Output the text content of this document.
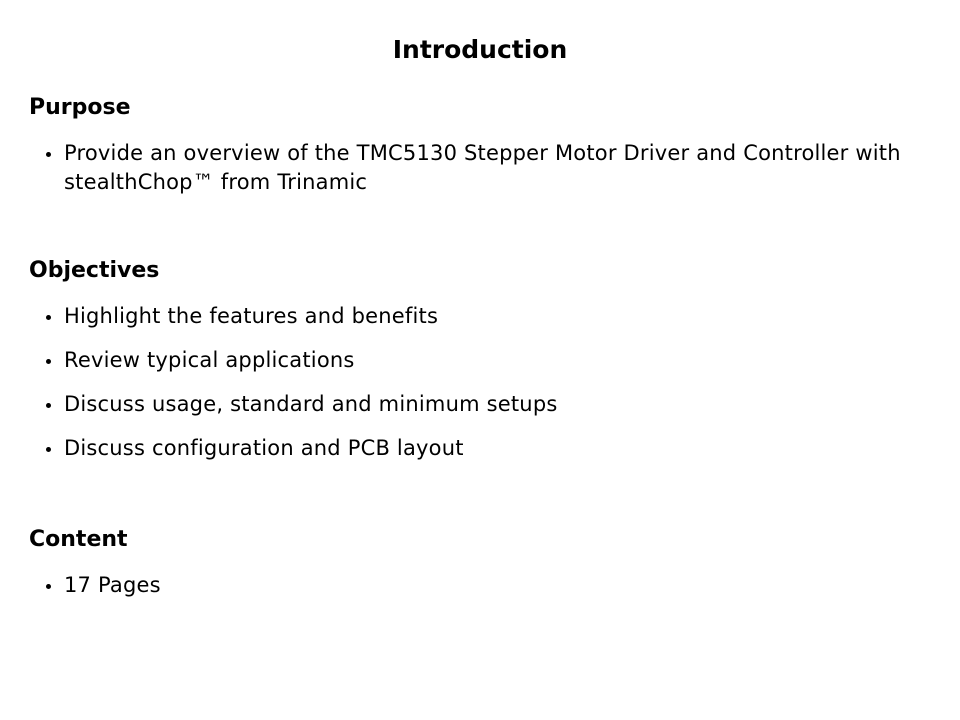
Introduction
Purpose
Provide an overview of the TMC5130 Stepper Motor Driver and Controller with stealthChop™ from Trinamic
Objectives
Highlight the features and benefits
Review typical applications
Discuss usage, standard and minimum setups
Discuss configuration and PCB layout
Content
17 Pages
